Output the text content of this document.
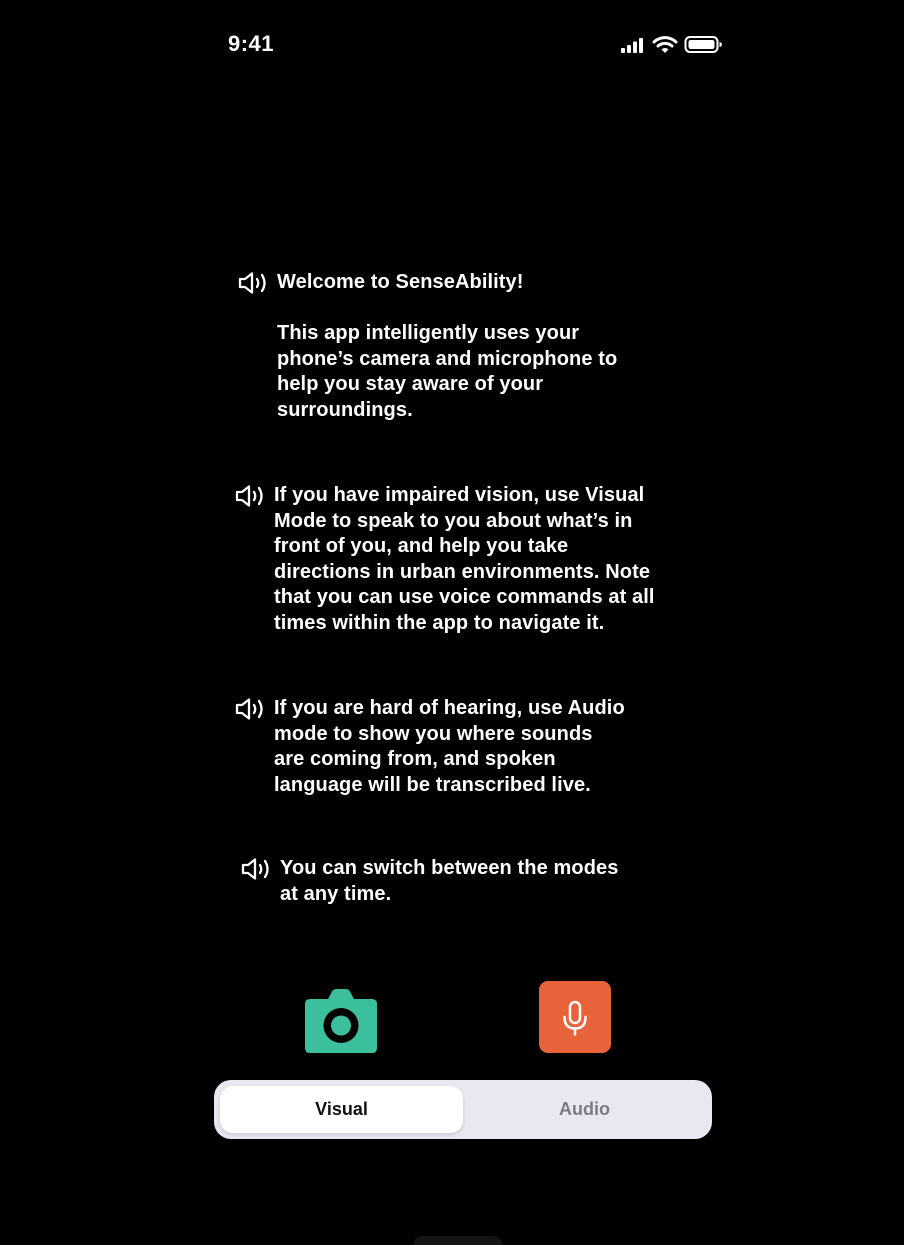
9:41
Welcome to SenseAbility!

This app intelligently uses your
phone’s camera and microphone to
help you stay aware of your
surroundings.
If you have impaired vision, use Visual
Mode to speak to you about what’s in
front of you, and help you take
directions in urban environments. Note
that you can use voice commands at all
times within the app to navigate it.
If you are hard of hearing, use Audio
mode to show you where sounds
are coming from, and spoken
language will be transcribed live.
You can switch between the modes
at any time.
Visual	Audio
